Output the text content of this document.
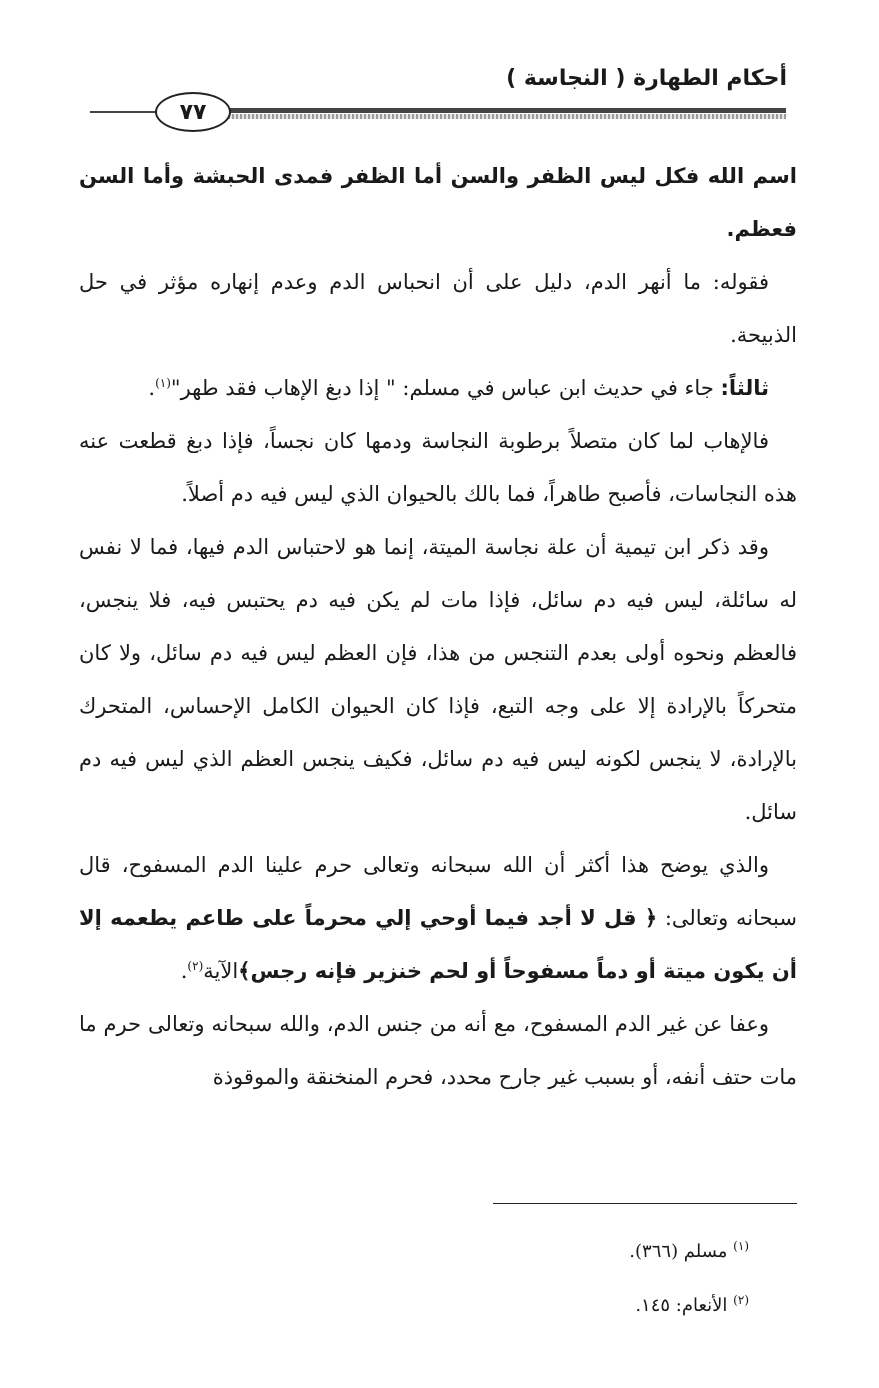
أحكام الطهارة ( النجاسة )
٧٧

اسم الله فكل ليس الظفر والسن أما الظفر فمدى الحبشة وأما السن فعظم.

فقوله: ما أنهر الدم، دليل على أن انحباس الدم وعدم إنهاره مؤثر في حل الذبيحة.

ثالثاً: جاء في حديث ابن عباس في مسلم: " إذا دبغ الإهاب فقد طهر"$^{(١)}$.

فالإهاب لما كان متصلاً برطوبة النجاسة ودمها كان نجساً، فإذا دبغ قطعت عنه هذه النجاسات، فأصبح طاهراً، فما بالك بالحيوان الذي ليس فيه دم أصلاً.

وقد ذكر ابن تيمية أن علة نجاسة الميتة، إنما هو لاحتباس الدم فيها، فما لا نفس له سائلة، ليس فيه دم سائل، فإذا مات لم يكن فيه دم يحتبس فيه، فلا ينجس، فالعظم ونحوه أولى بعدم التنجس من هذا، فإن العظم ليس فيه دم سائل، ولا كان متحركاً بالإرادة إلا على وجه التبع، فإذا كان الحيوان الكامل الإحساس، المتحرك بالإرادة، لا ينجس لكونه ليس فيه دم سائل، فكيف ينجس العظم الذي ليس فيه دم سائل.

والذي يوضح هذا أكثر أن الله سبحانه وتعالى حرم علينا الدم المسفوح، قال سبحانه وتعالى: ﴿ قل لا أجد فيما أوحي إلي محرماً على طاعم يطعمه إلا أن يكون ميتة أو دماً مسفوحاً أو لحم خنزير فإنه رجس﴾الآية$^{(٢)}$.

وعفا عن غير الدم المسفوح، مع أنه من جنس الدم، والله سبحانه وتعالى حرم ما مات حتف أنفه، أو بسبب غير جارح محدد، فحرم المنخنقة والموقوذة

$^{(١)}$ مسلم (٣٦٦).

$^{(٢)}$ الأنعام: ١٤٥.
